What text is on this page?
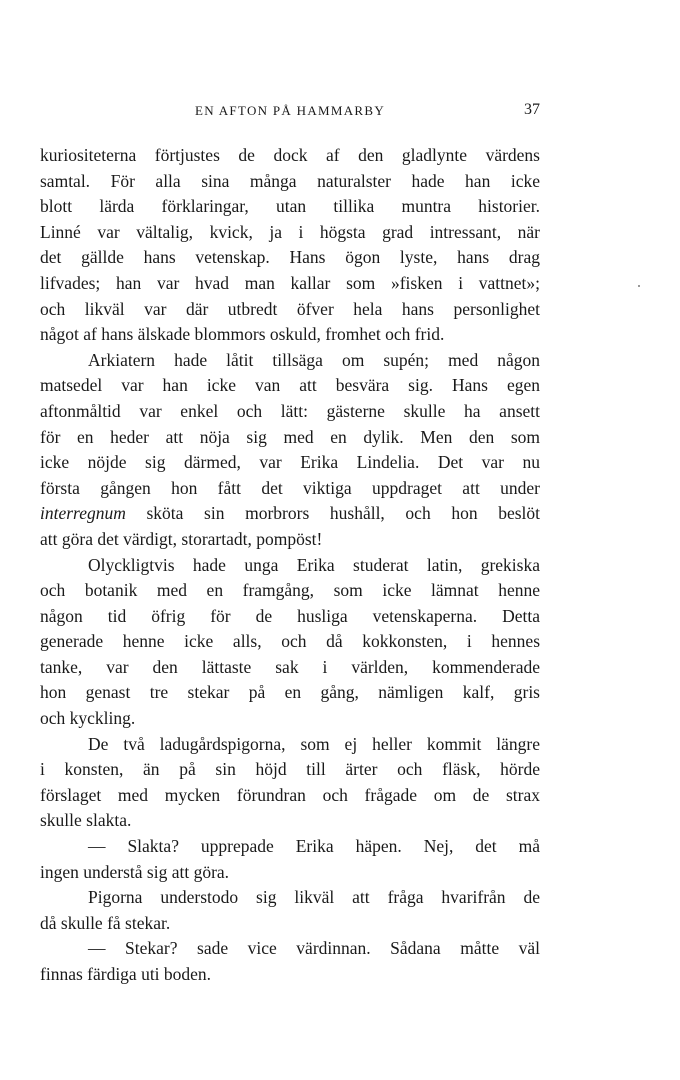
EN AFTON PÅ HAMMARBY	37
kuriositeterna förtjustes de dock af den gladlynte värdens
samtal. För alla sina många naturalster hade han icke
blott lärda förklaringar, utan tillika muntra historier.
Linné var vältalig, kvick, ja i högsta grad intressant, när
det gällde hans vetenskap. Hans ögon lyste, hans drag
lifvades; han var hvad man kallar som »fisken i vattnet»;
och likväl var där utbredt öfver hela hans personlighet
något af hans älskade blommors oskuld, fromhet och frid.
Arkiatern hade låtit tillsäga om supén; med någon
matsedel var han icke van att besvära sig. Hans egen
aftonmåltid var enkel och lätt: gästerne skulle ha ansett
för en heder att nöja sig med en dylik. Men den som
icke nöjde sig därmed, var Erika Lindelia. Det var nu
första gången hon fått det viktiga uppdraget att under
interregnum sköta sin morbrors hushåll, och hon beslöt
att göra det värdigt, storartadt, pompöst!
Olyckligtvis hade unga Erika studerat latin, grekiska
och botanik med en framgång, som icke lämnat henne
någon tid öfrig för de husliga vetenskaperna. Detta
generade henne icke alls, och då kokkonsten, i hennes
tanke, var den lättaste sak i världen, kommenderade
hon genast tre stekar på en gång, nämligen kalf, gris
och kyckling.
De två ladugårdspigorna, som ej heller kommit längre
i konsten, än på sin höjd till ärter och fläsk, hörde
förslaget med mycken förundran och frågade om de strax
skulle slakta.
— Slakta? upprepade Erika häpen. Nej, det må
ingen understå sig att göra.
Pigorna understodo sig likväl att fråga hvarifrån de
då skulle få stekar.
— Stekar? sade vice värdinnan. Sådana måtte väl
finnas färdiga uti boden.
